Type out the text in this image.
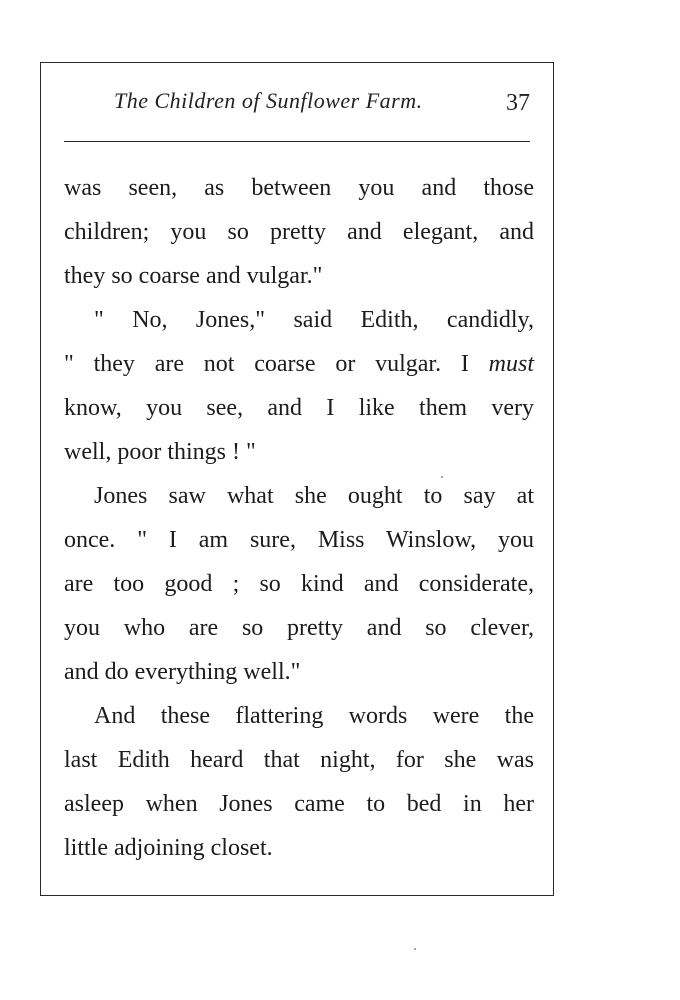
The Children of Sunflower Farm.	37

was seen, as between you and those
children; you so pretty and elegant, and
they so coarse and vulgar."

" No, Jones," said Edith, candidly,
" they are not coarse or vulgar. I must
know, you see, and I like them very
well, poor things ! "

Jones saw what she ought to say at
once. " I am sure, Miss Winslow, you
are too good ; so kind and considerate,
you who are so pretty and so clever,
and do everything well."

And these flattering words were the
last Edith heard that night, for she was
asleep when Jones came to bed in her
little adjoining closet.
